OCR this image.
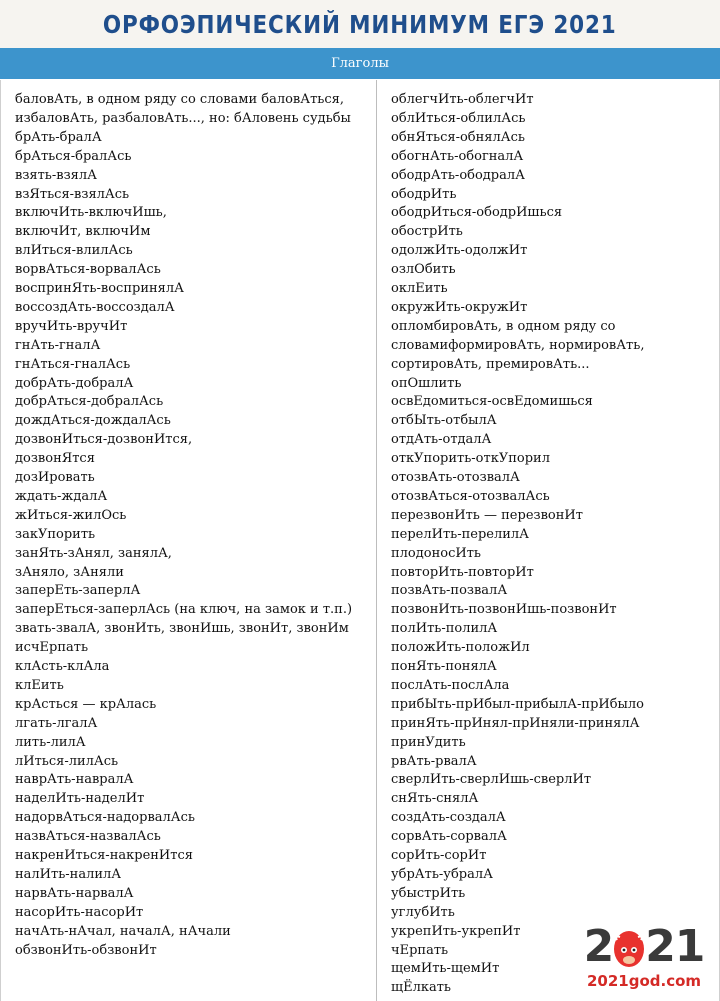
ОРФОЭПИЧЕСКИЙ МИНИМУМ ЕГЭ 2021
Глаголы
баловАть, в одном ряду со словами баловАться,
избаловАть, разбаловАть..., но: бАловень судьбы
брАть-бралА
брАться-бралАсь
взять-взялА
взЯться-взялАсь
включИть-включИшь,
включИт, включИм
влИться-влилАсь
ворвАться-ворвалАсь
воспринЯть-воспринялА
воссоздАть-воссоздалА
вручИть-вручИт
гнАть-гналА
гнАться-гналАсь
добрАть-добралА
добрАться-добралАсь
дождАться-дождалАсь
дозвонИться-дозвонИтся,
дозвонЯтся
дозИровать
ждать-ждалА
жИться-жилОсь
закУпорить
занЯть-зАнял, занялА,
зАняло, зАняли
заперЕть-заперлА
заперЕться-заперлАсь (на ключ, на замок и т.п.)
звать-звалА, звонИть, звонИшь, звонИт, звонИм
исчЕрпать
клАсть-клАла
клЕить
крАсться — крАлась
лгать-лгалА
лить-лилА
лИться-лилАсь
наврАть-навралА
наделИть-наделИт
надорвАться-надорвалАсь
назвАться-назвалАсь
накренИться-накренИтся
налИть-налилА
нарвАть-нарвалА
насорИть-насорИт
начАть-нАчал, началА, нАчали
обзвонИть-обзвонИт
облегчИть-облегчИт
облИться-облилАсь
обнЯться-обнялАсь
обогнАть-обогналА
ободрАть-ободралА
ободрИть
ободрИться-ободрИшься
обострИть
одолжИть-одолжИт
озлОбить
оклЕить
окружИть-окружИт
опломбировАть, в одном ряду со
словамиформировАть, нормировАть,
сортировАть, премировАть...
опОшлить
освЕдомиться-освЕдомишься
отбЫть-отбылА
отдАть-отдалА
откУпорить-откУпорил
отозвАть-отозвалА
отозвАться-отозвалАсь
перезвонИть — перезвонИт
перелИть-перелилА
плодоносИть
повторИть-повторИт
позвАть-позвалА
позвонИть-позвонИшь-позвонИт
полИть-полилА
положИть-положИл
понЯть-понялА
послАть-послАла
прибЫть-прИбыл-прибылА-прИбыло
принЯть-прИнял-прИняли-принялА
принУдить
рвАть-рвалА
сверлИть-сверлИшь-сверлИт
снЯть-снялА
создАть-создалА
сорвАть-сорвалА
сорИть-сорИт
убрАть-убралА
убыстрИть
углубИть
укрепИть-укрепИт
чЕрпать
щемИть-щемИт
щЁлкать
2 21
2021god.com
